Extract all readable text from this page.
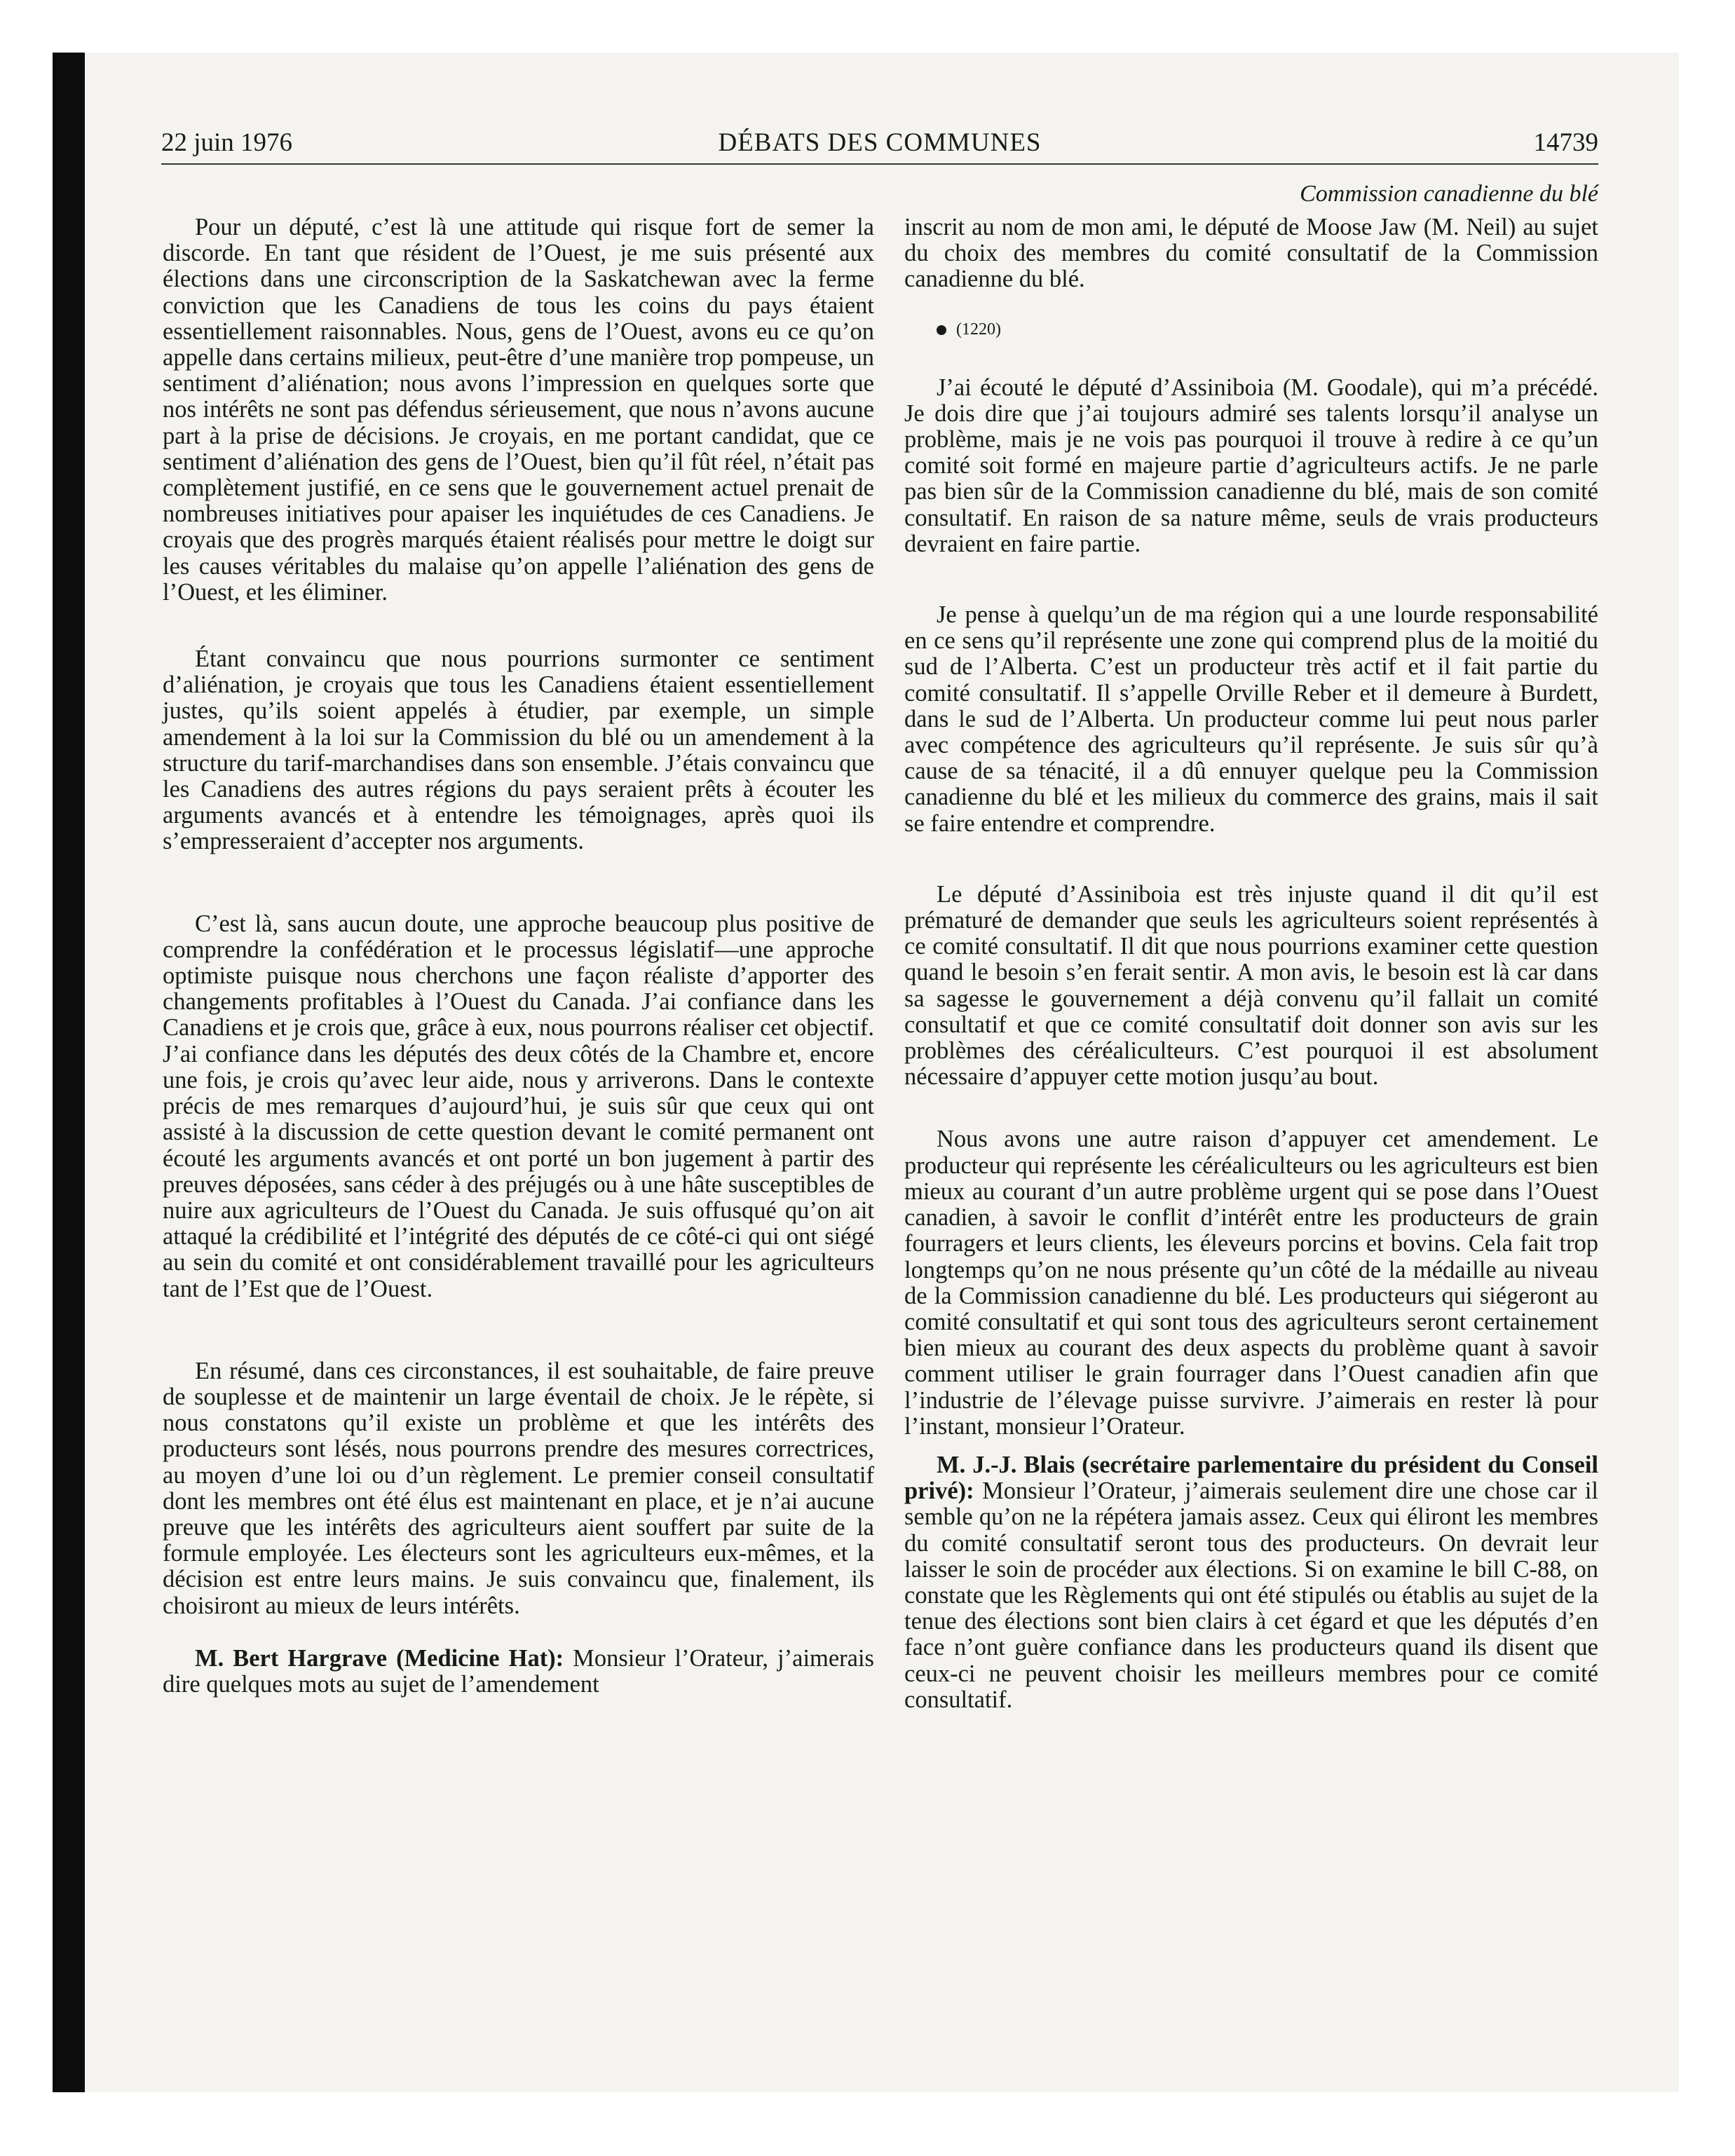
22 juin 1976	DÉBATS DES COMMUNES	14739
Commission canadienne du blé

Pour un député, c’est là une attitude qui risque fort de semer la discorde. En tant que résident de l’Ouest, je me suis présenté aux élections dans une circonscription de la Saskatchewan avec la ferme conviction que les Canadiens de tous les coins du pays étaient essentiellement raisonnables. Nous, gens de l’Ouest, avons eu ce qu’on appelle dans certains milieux, peut-être d’une manière trop pompeuse, un sentiment d’aliénation; nous avons l’impression en quelques sorte que nos intérêts ne sont pas défendus sérieusement, que nous n’avons aucune part à la prise de décisions. Je croyais, en me portant candidat, que ce sentiment d’aliénation des gens de l’Ouest, bien qu’il fût réel, n’était pas complètement justifié, en ce sens que le gouvernement actuel prenait de nombreuses initiatives pour apaiser les inquiétudes de ces Canadiens. Je croyais que des progrès marqués étaient réalisés pour mettre le doigt sur les causes véritables du malaise qu’on appelle l’aliénation des gens de l’Ouest, et les éliminer.

Étant convaincu que nous pourrions surmonter ce sentiment d’aliénation, je croyais que tous les Canadiens étaient essentiellement justes, qu’ils soient appelés à étudier, par exemple, un simple amendement à la loi sur la Commission du blé ou un amendement à la structure du tarif-marchandises dans son ensemble. J’étais convaincu que les Canadiens des autres régions du pays seraient prêts à écouter les arguments avancés et à entendre les témoignages, après quoi ils s’empresseraient d’accepter nos arguments.

C’est là, sans aucun doute, une approche beaucoup plus positive de comprendre la confédération et le processus législatif—une approche optimiste puisque nous cherchons une façon réaliste d’apporter des changements profitables à l’Ouest du Canada. J’ai confiance dans les Canadiens et je crois que, grâce à eux, nous pourrons réaliser cet objectif. J’ai confiance dans les députés des deux côtés de la Chambre et, encore une fois, je crois qu’avec leur aide, nous y arriverons. Dans le contexte précis de mes remarques d’aujourd’hui, je suis sûr que ceux qui ont assisté à la discussion de cette question devant le comité permanent ont écouté les arguments avancés et ont porté un bon jugement à partir des preuves déposées, sans céder à des préjugés ou à une hâte susceptibles de nuire aux agriculteurs de l’Ouest du Canada. Je suis offusqué qu’on ait attaqué la crédibilité et l’intégrité des députés de ce côté-ci qui ont siégé au sein du comité et ont considérablement travaillé pour les agriculteurs tant de l’Est que de l’Ouest.

En résumé, dans ces circonstances, il est souhaitable, de faire preuve de souplesse et de maintenir un large éventail de choix. Je le répète, si nous constatons qu’il existe un problème et que les intérêts des producteurs sont lésés, nous pourrons prendre des mesures correctrices, au moyen d’une loi ou d’un règlement. Le premier conseil consultatif dont les membres ont été élus est maintenant en place, et je n’ai aucune preuve que les intérêts des agriculteurs aient souffert par suite de la formule employée. Les électeurs sont les agriculteurs eux-mêmes, et la décision est entre leurs mains. Je suis convaincu que, finalement, ils choisiront au mieux de leurs intérêts.

M. Bert Hargrave (Medicine Hat): Monsieur l’Orateur, j’aimerais dire quelques mots au sujet de l’amendement

inscrit au nom de mon ami, le député de Moose Jaw (M. Neil) au sujet du choix des membres du comité consultatif de la Commission canadienne du blé.

(1220)

J’ai écouté le député d’Assiniboia (M. Goodale), qui m’a précédé. Je dois dire que j’ai toujours admiré ses talents lorsqu’il analyse un problème, mais je ne vois pas pourquoi il trouve à redire à ce qu’un comité soit formé en majeure partie d’agriculteurs actifs. Je ne parle pas bien sûr de la Commission canadienne du blé, mais de son comité consultatif. En raison de sa nature même, seuls de vrais producteurs devraient en faire partie.

Je pense à quelqu’un de ma région qui a une lourde responsabilité en ce sens qu’il représente une zone qui comprend plus de la moitié du sud de l’Alberta. C’est un producteur très actif et il fait partie du comité consultatif. Il s’appelle Orville Reber et il demeure à Burdett, dans le sud de l’Alberta. Un producteur comme lui peut nous parler avec compétence des agriculteurs qu’il représente. Je suis sûr qu’à cause de sa ténacité, il a dû ennuyer quelque peu la Commission canadienne du blé et les milieux du commerce des grains, mais il sait se faire entendre et comprendre.

Le député d’Assiniboia est très injuste quand il dit qu’il est prématuré de demander que seuls les agriculteurs soient représentés à ce comité consultatif. Il dit que nous pourrions examiner cette question quand le besoin s’en ferait sentir. A mon avis, le besoin est là car dans sa sagesse le gouvernement a déjà convenu qu’il fallait un comité consultatif et que ce comité consultatif doit donner son avis sur les problèmes des céréaliculteurs. C’est pourquoi il est absolument nécessaire d’appuyer cette motion jusqu’au bout.

Nous avons une autre raison d’appuyer cet amendement. Le producteur qui représente les céréaliculteurs ou les agriculteurs est bien mieux au courant d’un autre problème urgent qui se pose dans l’Ouest canadien, à savoir le conflit d’intérêt entre les producteurs de grain fourragers et leurs clients, les éleveurs porcins et bovins. Cela fait trop longtemps qu’on ne nous présente qu’un côté de la médaille au niveau de la Commission canadienne du blé. Les producteurs qui siégeront au comité consultatif et qui sont tous des agriculteurs seront certainement bien mieux au courant des deux aspects du problème quant à savoir comment utiliser le grain fourrager dans l’Ouest canadien afin que l’industrie de l’élevage puisse survivre. J’aimerais en rester là pour l’instant, monsieur l’Orateur.

M. J.-J. Blais (secrétaire parlementaire du président du Conseil privé): Monsieur l’Orateur, j’aimerais seulement dire une chose car il semble qu’on ne la répétera jamais assez. Ceux qui éliront les membres du comité consultatif seront tous des producteurs. On devrait leur laisser le soin de procéder aux élections. Si on examine le bill C-88, on constate que les Règlements qui ont été stipulés ou établis au sujet de la tenue des élections sont bien clairs à cet égard et que les députés d’en face n’ont guère confiance dans les producteurs quand ils disent que ceux-ci ne peuvent choisir les meilleurs membres pour ce comité consultatif.
